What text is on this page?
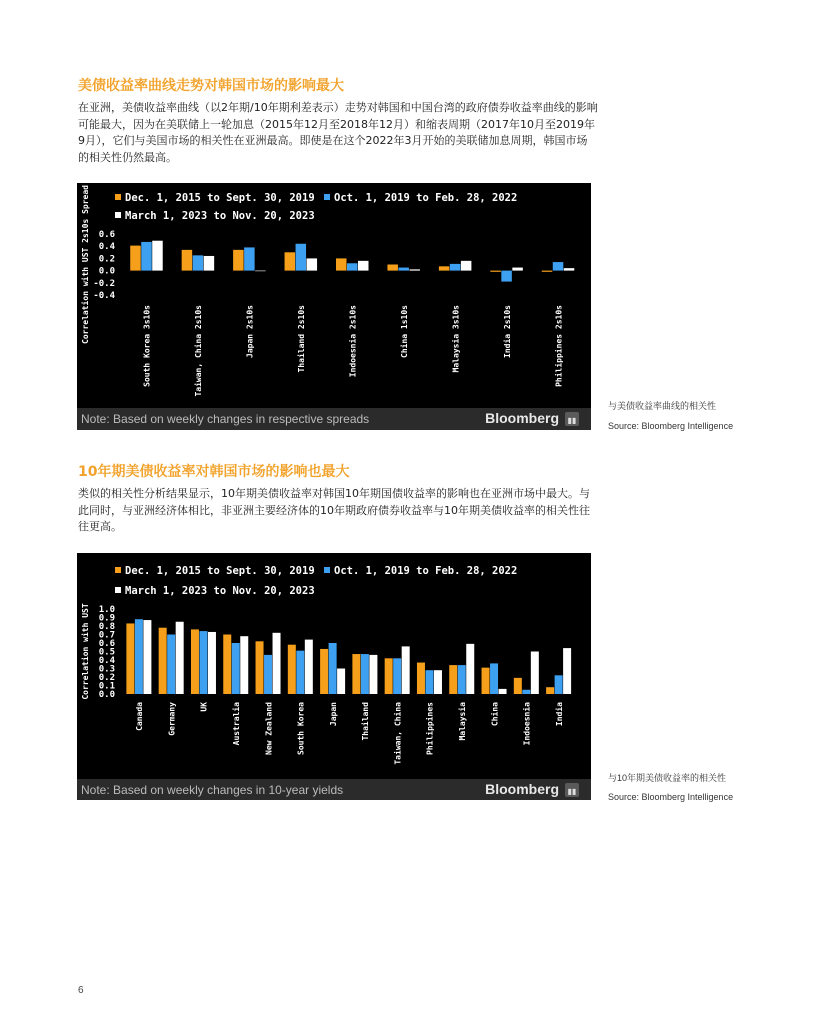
美债收益率曲线走势对韩国市场的影响最大

在亚洲，美债收益率曲线（以2年期/10年期利差表示）走势对韩国和中国台湾的政府债券收益率曲线的影响可能最大，因为在美联储上一轮加息（2015年12月至2018年12月）和缩表周期（2017年10月至2019年9月），它们与美国市场的相关性在亚洲最高。即使是在这个2022年3月开始的美联储加息周期，韩国市场的相关性仍然最高。

Dec. 1, 2015 to Sept. 30, 2019 Oct. 1, 2019 to Feb. 28, 2022
March 1, 2023 to Nov. 20, 2023
Correlation with UST 2s10s Spread 0.6
0.4
0.2
0.0
-0.2
-0.4
South Korea 3s10s	Taiwan, China 2s10s	Japan 2s10s	Thailand 2s10s	Indoesnia 2s10s	China 1s10s	Malaysia 3s10s	India 2s10s	Philippines 2s10s
Note: Based on weekly changes in respective spreads	Bloomberg ▮▮

与美债收益率曲线的相关性

Source: Bloomberg Intelligence

10年期美债收益率对韩国市场的影响也最大

类似的相关性分析结果显示，10年期美债收益率对韩国10年期国债收益率的影响也在亚洲市场中最大。与此同时，与亚洲经济体相比，非亚洲主要经济体的10年期政府债券收益率与10年期美债收益率的相关性往往更高。

Dec. 1, 2015 to Sept. 30, 2019 Oct. 1, 2019 to Feb. 28, 2022
March 1, 2023 to Nov. 20, 2023
Correlation with UST 1.0
0.9
0.8
0.7
0.6
0.5
0.4
0.3
0.2
0.1
0.0
Canada	Germany	UK	Australia	New Zealand	South Korea	Japan	Thailand	Taiwan, China	Philippines	Malaysia	China	Indoesnia	India
Note: Based on weekly changes in 10-year yields	Bloomberg ▮▮

与10年期美债收益率的相关性

Source: Bloomberg Intelligence

6
